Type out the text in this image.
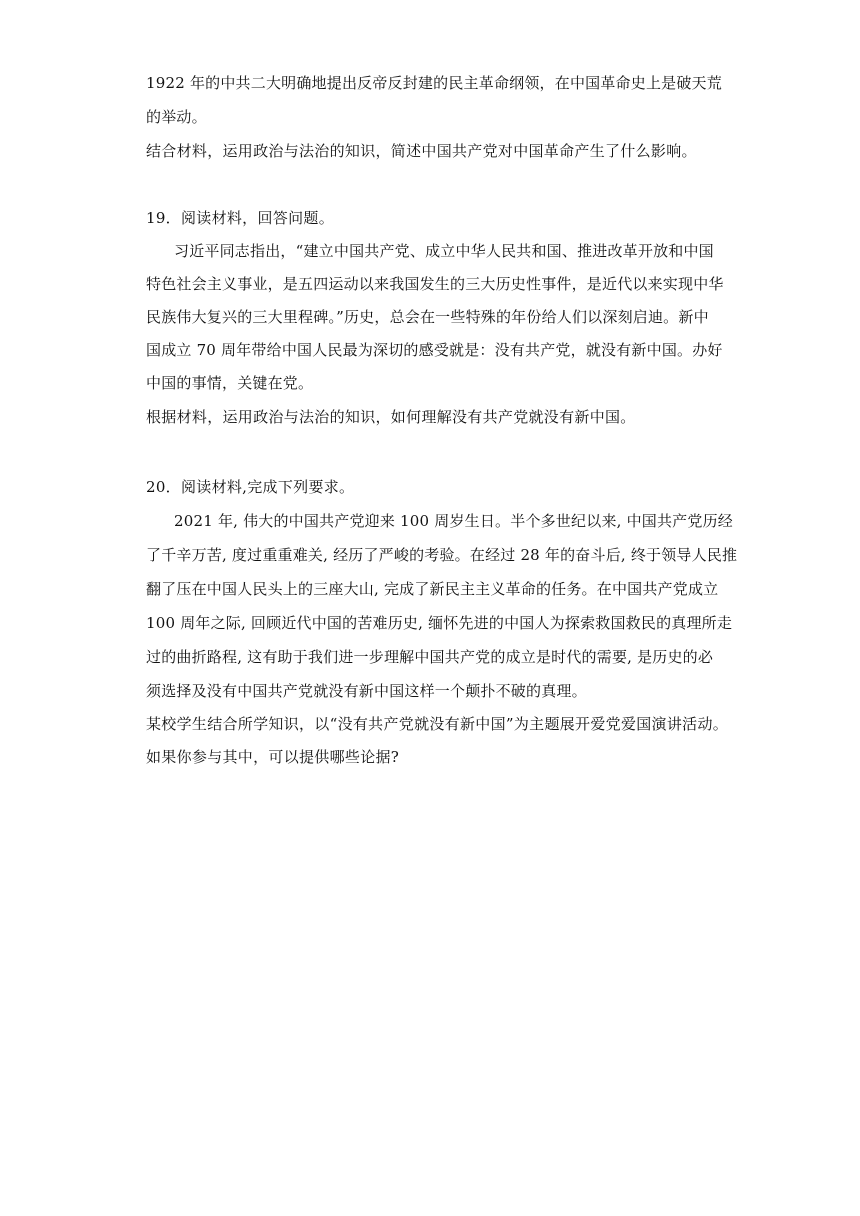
1922 年的中共二大明确地提出反帝反封建的民主革命纲领，在中国革命史上是破天荒
的举动。
结合材料，运用政治与法治的知识，简述中国共产党对中国革命产生了什么影响。
19．阅读材料，回答问题。
习近平同志指出，“建立中国共产党、成立中华人民共和国、推进改革开放和中国
特色社会主义事业，是五四运动以来我国发生的三大历史性事件，是近代以来实现中华
民族伟大复兴的三大里程碑。”历史，总会在一些特殊的年份给人们以深刻启迪。新中
国成立 70 周年带给中国人民最为深切的感受就是：没有共产党，就没有新中国。办好
中国的事情，关键在党。
根据材料，运用政治与法治的知识，如何理解没有共产党就没有新中国。
20．阅读材料,完成下列要求。
2021 年, 伟大的中国共产党迎来 100 周岁生日。半个多世纪以来, 中国共产党历经
了千辛万苦, 度过重重难关, 经历了严峻的考验。在经过 28 年的奋斗后, 终于领导人民推
翻了压在中国人民头上的三座大山, 完成了新民主主义革命的任务。在中国共产党成立
100 周年之际, 回顾近代中国的苦难历史, 缅怀先进的中国人为探索救国救民的真理所走
过的曲折路程, 这有助于我们进一步理解中国共产党的成立是时代的需要, 是历史的必
须选择及没有中国共产党就没有新中国这样一个颠扑不破的真理。
某校学生结合所学知识，以“没有共产党就没有新中国”为主题展开爱党爱国演讲活动。
如果你参与其中，可以提供哪些论据?
